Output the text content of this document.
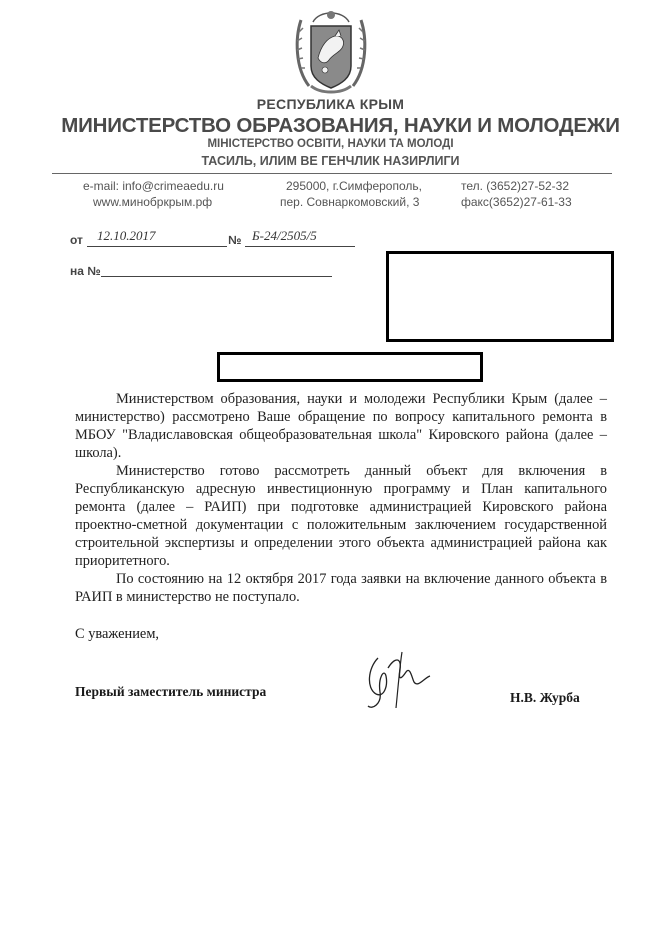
РЕСПУБЛИКА КРЫМ
МИНИСТЕРСТВО ОБРАЗОВАНИЯ, НАУКИ И МОЛОДЕЖИ
МІНІСТЕРСТВО ОСВІТИ, НАУКИ ТА МОЛОДІ
ТАСИЛЬ, ИЛИМ ВЕ ГЕНЧЛИК НАЗИРЛИГИ
e-mail: info@crimeaedu.ru
www.минобркрым.рф
295000, г.Симферополь,
пер. Совнаркомовский, 3
тел. (3652)27-52-32
факс(3652)27-61-33
от 12.10.2017	№ Б-24/2505/5
на №

Министерством образования, науки и молодежи Республики Крым (далее – министерство) рассмотрено Ваше обращение по вопросу капитального ремонта в МБОУ "Владиславовская общеобразовательная школа" Кировского района (далее – школа).

Министерство готово рассмотреть данный объект для включения в Республиканскую адресную инвестиционную программу и План капитального ремонта (далее – РАИП) при подготовке администрацией Кировского района проектно-сметной документации с положительным заключением государственной строительной экспертизы и определении этого объекта администрацией района как приоритетного.

По состоянию на 12 октября 2017 года заявки на включение данного объекта в РАИП в министерство не поступало.

С уважением,
Первый заместитель министра	Н.В. Журба
